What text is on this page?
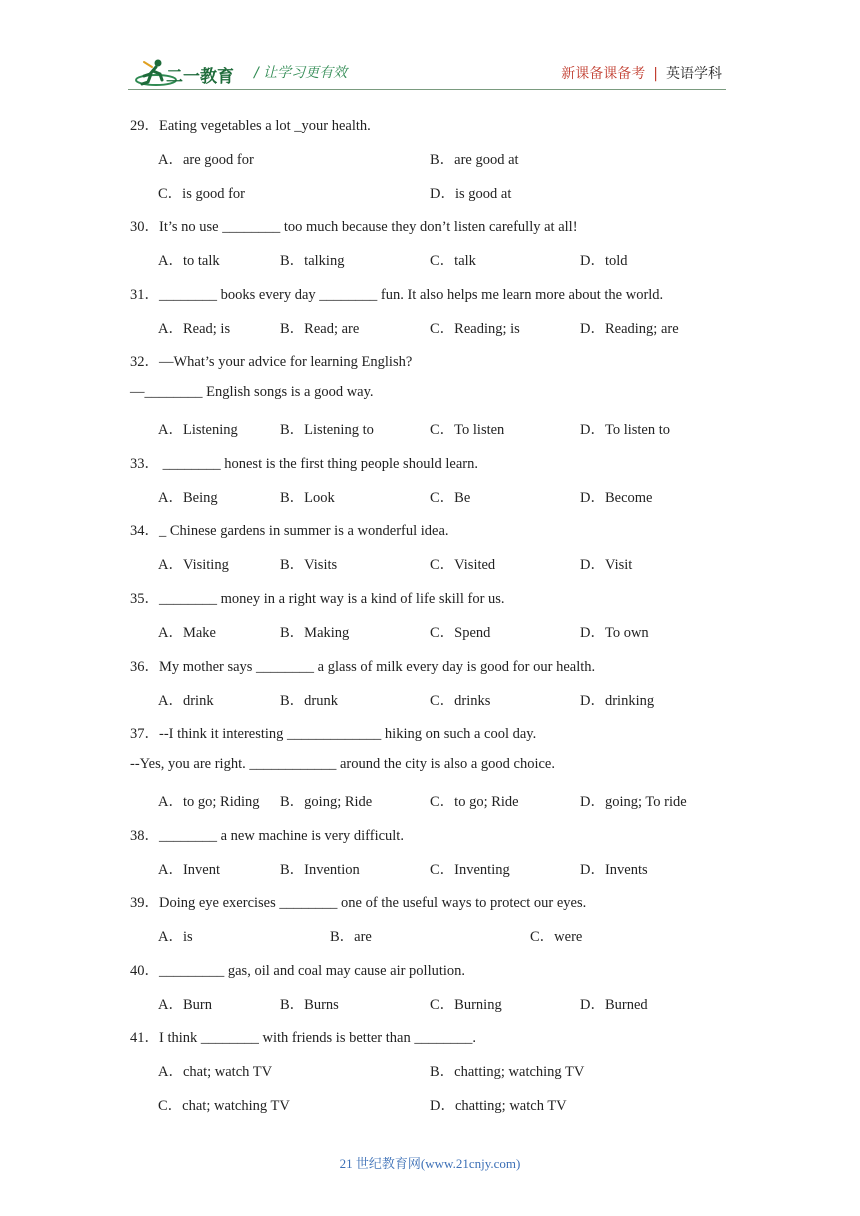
二一教育 / 让学习更有效	新课备课备考 | 英语学科
29．Eating vegetables a lot _your health.
A．are good for	B．are good at
C．is good for	D．is good at
30．It’s no use ________ too much because they don’t listen carefully at all!
A．to talk	B．talking	C．talk	D．told
31．________ books every day ________ fun. It also helps me learn more about the world.
A．Read; is	B．Read; are	C．Reading; is	D．Reading; are
32．—What’s your advice for learning English?
—________ English songs is a good way.
A．Listening	B．Listening to	C．To listen	D．To listen to
33． ________ honest is the first thing people should learn.
A．Being	B．Look	C．Be	D．Become
34．_ Chinese gardens in summer is a wonderful idea.
A．Visiting	B．Visits	C．Visited	D．Visit
35．________ money in a right way is a kind of life skill for us.
A．Make	B．Making	C．Spend	D．To own
36．My mother says ________ a glass of milk every day is good for our health.
A．drink	B．drunk	C．drinks	D．drinking
37．--I think it interesting _____________ hiking on such a cool day.
--Yes, you are right. ____________ around the city is also a good choice.
A．to go; Riding B．going; Ride	C．to go; Ride	D．going; To ride
38．________ a new machine is very difficult.
A．Invent	B．Invention	C．Inventing	D．Invents
39．Doing eye exercises ________ one of the useful ways to protect our eyes.
A．is	B．are	C．were
40．_________ gas, oil and coal may cause air pollution.
A．Burn	B．Burns	C．Burning	D．Burned
41．I think ________ with friends is better than ________.
A．chat; watch TV	B．chatting; watching TV
C．chat; watching TV	D．chatting; watch TV
21 世纪教育网(www.21cnjy.com)
